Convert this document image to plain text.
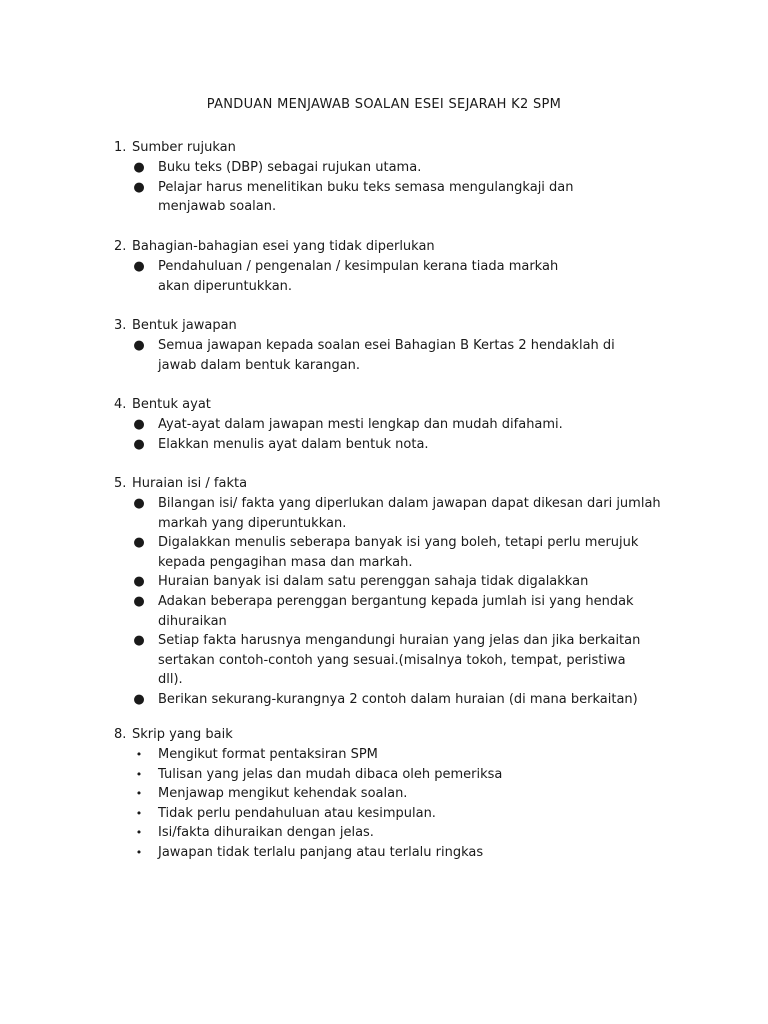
PANDUAN MENJAWAB SOALAN ESEI SEJARAH K2 SPM
1. Sumber rujukan
● Buku teks (DBP) sebagai rujukan utama.
● Pelajar harus menelitikan buku teks semasa mengulangkaji dan menjawab soalan.
2. Bahagian-bahagian esei yang tidak diperlukan
● Pendahuluan / pengenalan / kesimpulan kerana tiada markah akan diperuntukkan.
3. Bentuk jawapan
● Semua jawapan kepada soalan esei Bahagian B Kertas 2 hendaklah di jawab dalam bentuk karangan.
4. Bentuk ayat
● Ayat-ayat dalam jawapan mesti lengkap dan mudah difahami.
● Elakkan menulis ayat dalam bentuk nota.
5. Huraian isi / fakta
● Bilangan isi/ fakta yang diperlukan dalam jawapan dapat dikesan dari jumlah markah yang diperuntukkan.
● Digalakkan menulis seberapa banyak isi yang boleh, tetapi perlu merujuk kepada pengagihan masa dan markah.
● Huraian banyak isi dalam satu perenggan sahaja tidak digalakkan
● Adakan beberapa perenggan bergantung kepada jumlah isi yang hendak dihuraikan
● Setiap fakta harusnya mengandungi huraian yang jelas dan jika berkaitan sertakan contoh-contoh yang sesuai.(misalnya tokoh, tempat, peristiwa dll).
● Berikan sekurang-kurangnya 2 contoh dalam huraian (di mana berkaitan)
8. Skrip yang baik
• Mengikut format pentaksiran SPM
• Tulisan yang jelas dan mudah dibaca oleh pemeriksa
• Menjawap mengikut kehendak soalan.
• Tidak perlu pendahuluan atau kesimpulan.
• Isi/fakta dihuraikan dengan jelas.
• Jawapan tidak terlalu panjang atau terlalu ringkas
